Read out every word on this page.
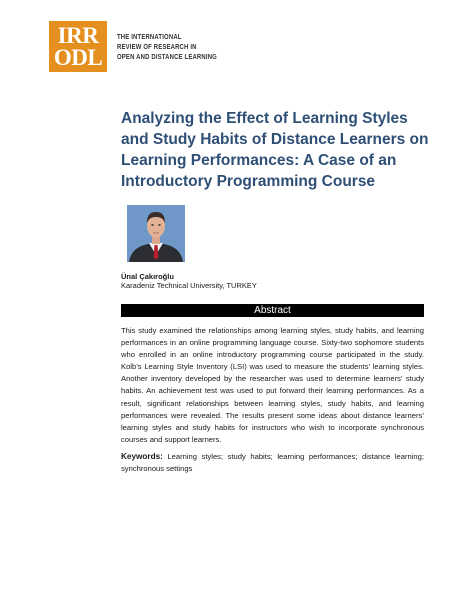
IRR
ODL
THE INTERNATIONAL
REVIEW OF RESEARCH IN
OPEN AND DISTANCE LEARNING
Analyzing the Effect of Learning Styles and Study Habits of Distance Learners on Learning Performances: A Case of an Introductory Programming Course
Ünal Çakıroğlu
Karadeniz Technical University, TURKEY
Abstract

This study examined the relationships among learning styles, study habits, and learning performances in an online programming language course. Sixty-two sophomore students who enrolled in an online introductory programming course participated in the study. Kolb’s Learning Style Inventory (LSI) was used to measure the students’ learning styles. Another inventory developed by the researcher was used to determine learners’ study habits. An achievement test was used to put forward their learning performances. As a result, significant relationships between learning styles, study habits, and learning performances were revealed. The results present some ideas about distance learners’ learning styles and study habits for instructors who wish to incorporate synchronous courses and support learners.

Keywords: Learning styles; study habits; learning performances; distance learning; synchronous settings
